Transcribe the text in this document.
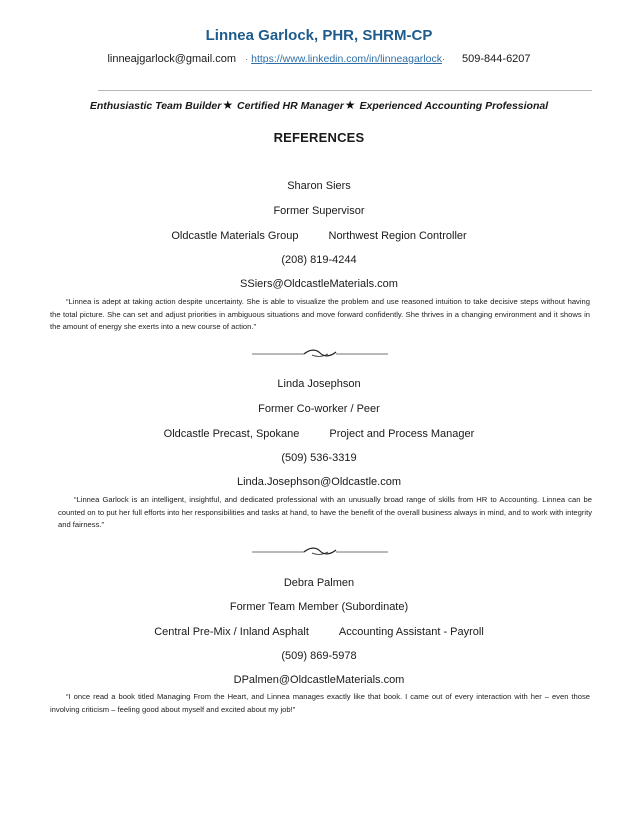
Linnea Garlock, PHR, SHRM-CP
linneajgarlock@gmail.com · https://www.linkedin.com/in/linneagarlock· 509-844-6207
Enthusiastic Team Builder★ Certified HR Manager★ Experienced Accounting Professional
REFERENCES
Sharon Siers
Former Supervisor
Oldcastle Materials Group	Northwest Region Controller
(208) 819-4244
SSiers@OldcastleMaterials.com
“Linnea is adept at taking action despite uncertainty. She is able to visualize the problem and use reasoned intuition to take decisive steps without having the total picture. She can set and adjust priorities in ambiguous situations and move forward confidently. She thrives in a changing environment and it shows in the amount of energy she exerts into a new course of action.”
Linda Josephson
Former Co-worker / Peer
Oldcastle Precast, Spokane	Project and Process Manager
(509) 536-3319
Linda.Josephson@Oldcastle.com
“Linnea Garlock is an intelligent, insightful, and dedicated professional with an unusually broad range of skills from HR to Accounting. Linnea can be counted on to put her full efforts into her responsibilities and tasks at hand, to have the benefit of the overall business always in mind, and to work with integrity and fairness.”
Debra Palmen
Former Team Member (Subordinate)
Central Pre-Mix / Inland Asphalt	Accounting Assistant - Payroll
(509) 869-5978
DPalmen@OldcastleMaterials.com
“I once read a book titled Managing From the Heart, and Linnea manages exactly like that book. I came out of every interaction with her – even those involving criticism – feeling good about myself and excited about my job!”
